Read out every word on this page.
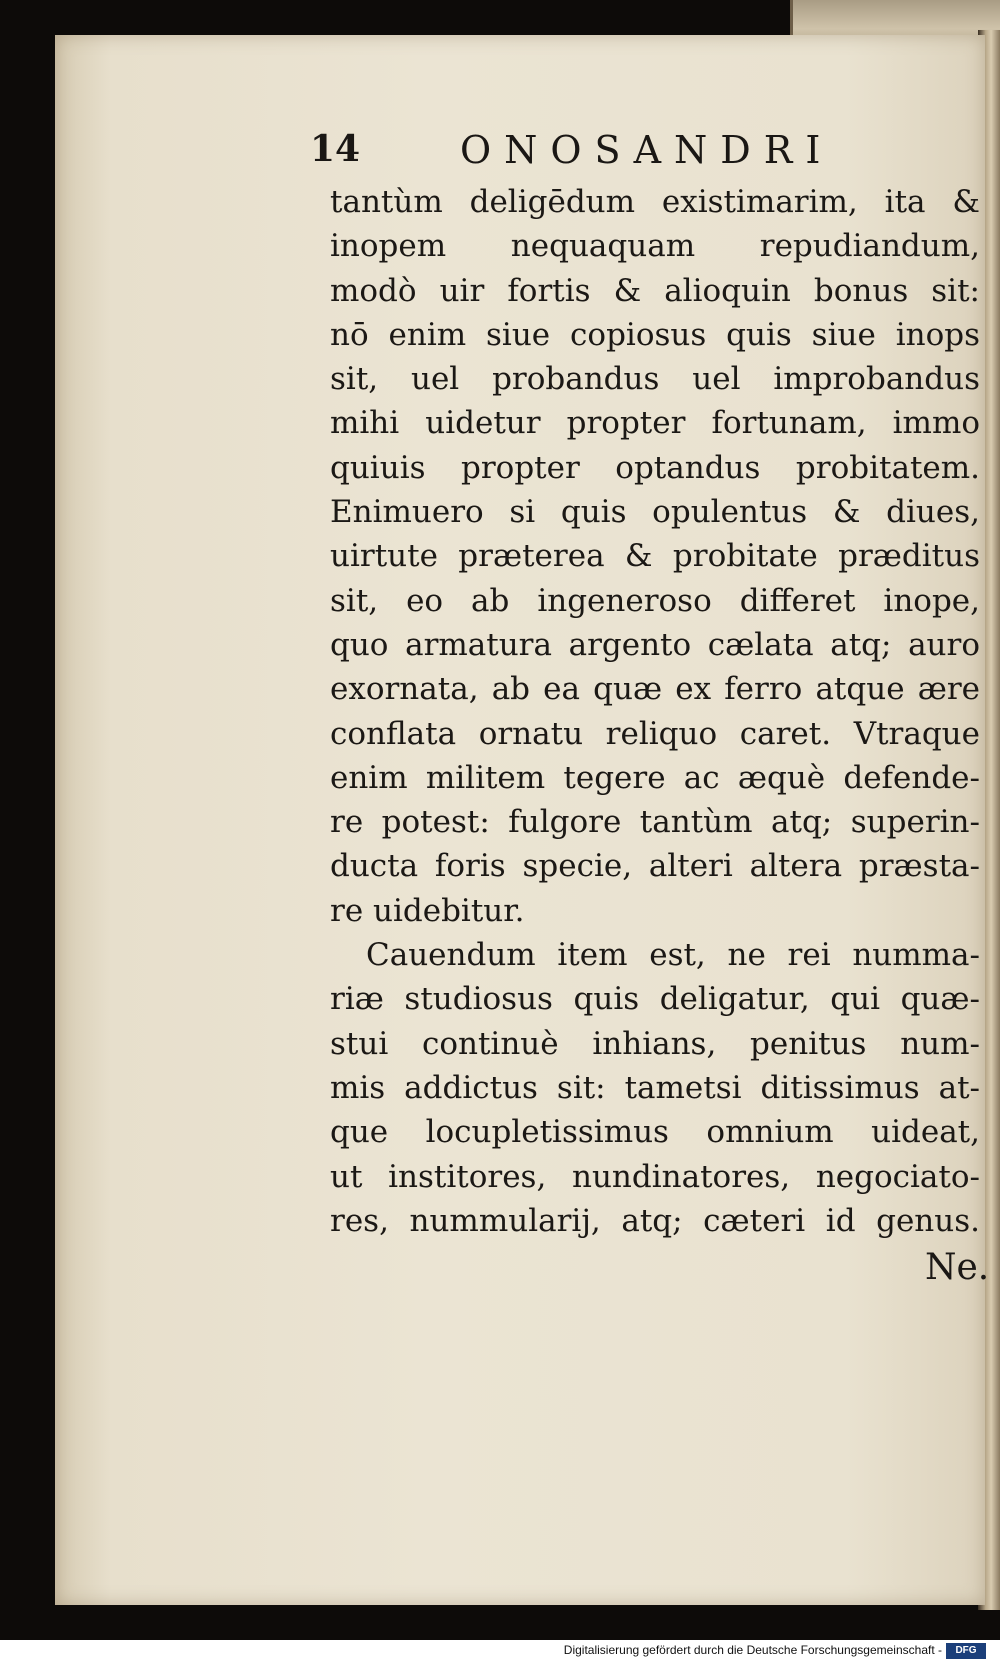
14	ONOSANDRI
tantùm deligēdum existimarim, ita &
inopem nequaquam repudiandum,
modò uir fortis & alioquin bonus sit:
nō enim siue copiosus quis siue inops
sit, uel probandus uel improbandus
mihi uidetur propter fortunam, immo
quiuis propter optandus probitatem.
Enimuero si quis opulentus & diues,
uirtute præterea & probitate præditus
sit, eo ab ingeneroso differet inope,
quo armatura argento cælata atq; auro
exornata, ab ea quæ ex ferro atque ære
conflata ornatu reliquo caret. Vtraque
enim militem tegere ac æquè defende-
re potest: fulgore tantùm atq; superin-
ducta foris specie, alteri altera præsta-
re uidebitur.
Cauendum item est, ne rei numma-
riæ studiosus quis deligatur, qui quæ-
stui continuè inhians, penitus num-
mis addictus sit: tametsi ditissimus at-
que locupletissimus omnium uideat,
ut institores, nundinatores, negociato-
res, nummularij, atq; cæteri id genus.
Ne.
Digitalisierung gefördert durch die Deutsche Forschungsgemeinschaft -	DFG
